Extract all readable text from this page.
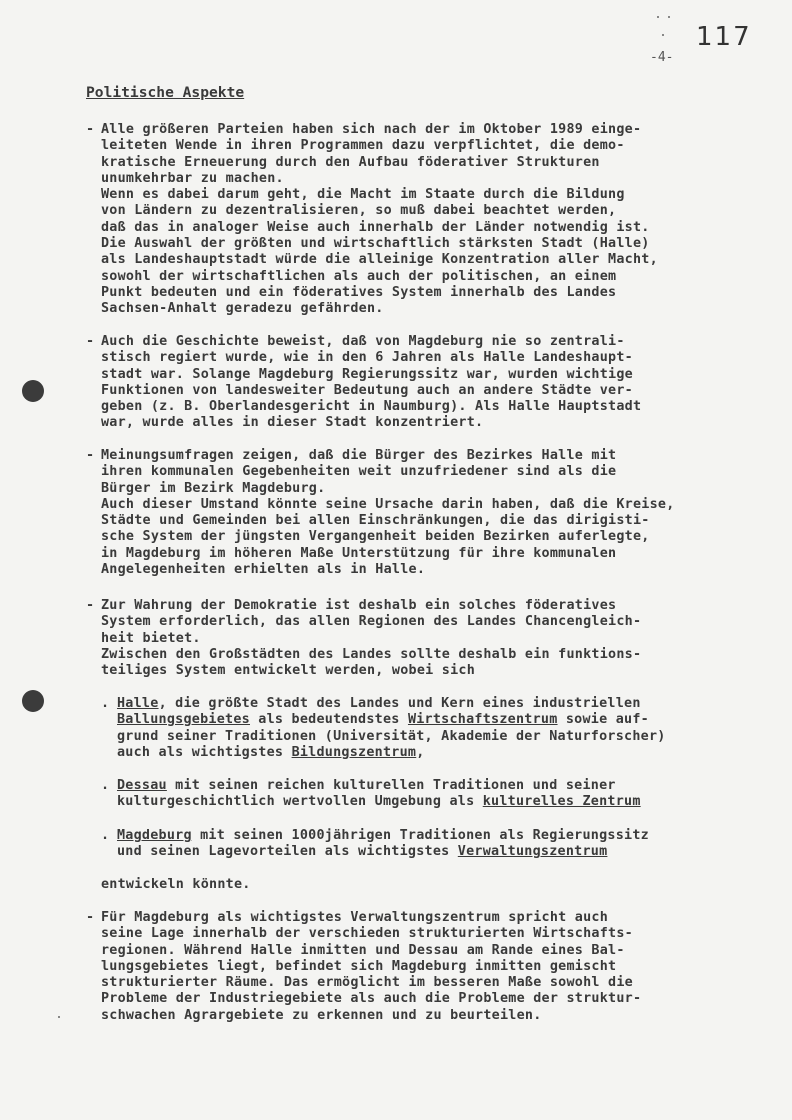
117
-4-
Politische Aspekte
- Alle größeren Parteien haben sich nach der im Oktober 1989 einge-
leiteten Wende in ihren Programmen dazu verpflichtet, die demo-
kratische Erneuerung durch den Aufbau föderativer Strukturen
unumkehrbar zu machen.
Wenn es dabei darum geht, die Macht im Staate durch die Bildung
von Ländern zu dezentralisieren, so muß dabei beachtet werden,
daß das in analoger Weise auch innerhalb der Länder notwendig ist.
Die Auswahl der größten und wirtschaftlich stärksten Stadt (Halle)
als Landeshauptstadt würde die alleinige Konzentration aller Macht,
sowohl der wirtschaftlichen als auch der politischen, an einem
Punkt bedeuten und ein föderatives System innerhalb des Landes
Sachsen-Anhalt geradezu gefährden.
- Auch die Geschichte beweist, daß von Magdeburg nie so zentrali-
stisch regiert wurde, wie in den 6 Jahren als Halle Landeshaupt-
stadt war. Solange Magdeburg Regierungssitz war, wurden wichtige
Funktionen von landesweiter Bedeutung auch an andere Städte ver-
geben (z. B. Oberlandesgericht in Naumburg). Als Halle Hauptstadt
war, wurde alles in dieser Stadt konzentriert.
- Meinungsumfragen zeigen, daß die Bürger des Bezirkes Halle mit
ihren kommunalen Gegebenheiten weit unzufriedener sind als die
Bürger im Bezirk Magdeburg.
Auch dieser Umstand könnte seine Ursache darin haben, daß die Kreise,
Städte und Gemeinden bei allen Einschränkungen, die das dirigisti-
sche System der jüngsten Vergangenheit beiden Bezirken auferlegte,
in Magdeburg im höheren Maße Unterstützung für ihre kommunalen
Angelegenheiten erhielten als in Halle.
- Zur Wahrung der Demokratie ist deshalb ein solches föderatives
System erforderlich, das allen Regionen des Landes Chancengleich-
heit bietet.
Zwischen den Großstädten des Landes sollte deshalb ein funktions-
teiliges System entwickelt werden, wobei sich
. Halle, die größte Stadt des Landes und Kern eines industriellen
Ballungsgebietes als bedeutendstes Wirtschaftszentrum sowie auf-
grund seiner Traditionen (Universität, Akademie der Naturforscher)
auch als wichtigstes Bildungszentrum,
. Dessau mit seinen reichen kulturellen Traditionen und seiner
kulturgeschichtlich wertvollen Umgebung als kulturelles Zentrum
. Magdeburg mit seinen 1000jährigen Traditionen als Regierungssitz
und seinen Lagevorteilen als wichtigstes Verwaltungszentrum
entwickeln könnte.
- Für Magdeburg als wichtigstes Verwaltungszentrum spricht auch
seine Lage innerhalb der verschieden strukturierten Wirtschafts-
regionen. Während Halle inmitten und Dessau am Rande eines Bal-
lungsgebietes liegt, befindet sich Magdeburg inmitten gemischt
strukturierter Räume. Das ermöglicht im besseren Maße sowohl die
Probleme der Industriegebiete als auch die Probleme der struktur-
schwachen Agrargebiete zu erkennen und zu beurteilen.
